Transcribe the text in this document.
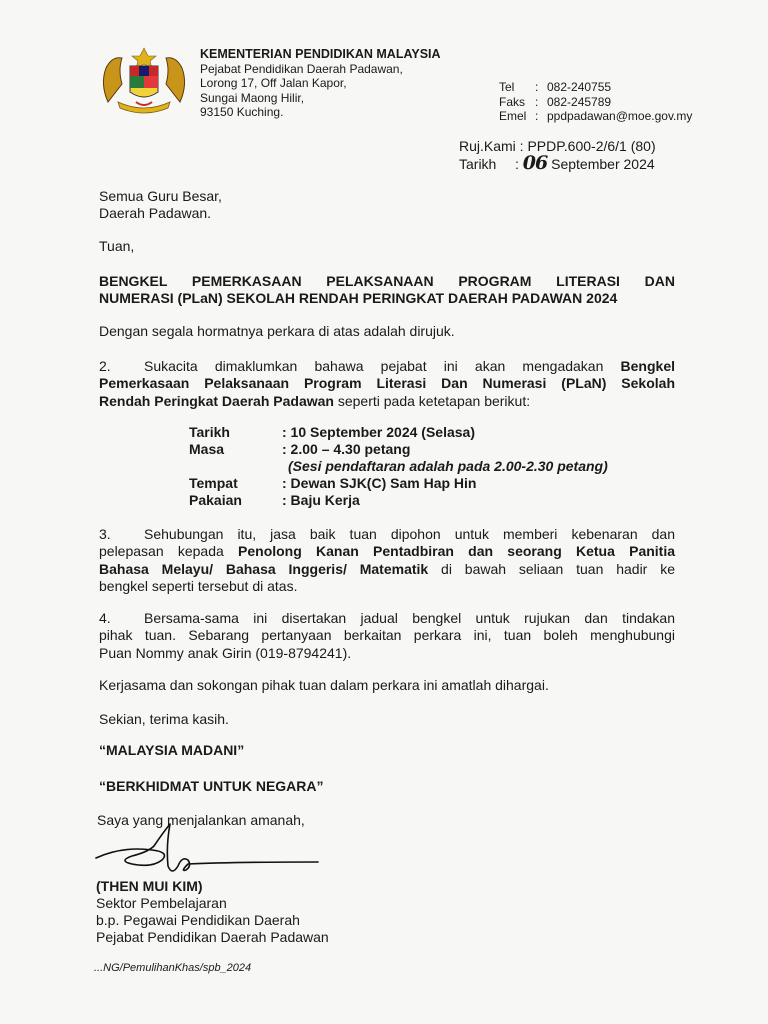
KEMENTERIAN PENDIDIKAN MALAYSIA
Pejabat Pendidikan Daerah Padawan,
Lorong 17, Off Jalan Kapor,
Sungai Maong Hilir,
93150 Kuching.
Tel : 082-240755
Faks : 082-245789
Emel : ppdpadawan@moe.gov.my
Ruj.Kami : PPDP.600-2/6/1 (80)
Tarikh : 06 September 2024
Semua Guru Besar,
Daerah Padawan.
Tuan,
BENGKEL PEMERKASAAN PELAKSANAAN PROGRAM LITERASI DAN
NUMERASI (PLaN) SEKOLAH RENDAH PERINGKAT DAERAH PADAWAN 2024
Dengan segala hormatnya perkara di atas adalah dirujuk.
2. Sukacita dimaklumkan bahawa pejabat ini akan mengadakan Bengkel
Pemerkasaan Pelaksanaan Program Literasi Dan Numerasi (PLaN) Sekolah
Rendah Peringkat Daerah Padawan seperti pada ketetapan berikut:
Tarikh	: 10 September 2024 (Selasa)
Masa	: 2.00 – 4.30 petang
	(Sesi pendaftaran adalah pada 2.00-2.30 petang)
Tempat	: Dewan SJK(C) Sam Hap Hin
Pakaian	: Baju Kerja
3. Sehubungan itu, jasa baik tuan dipohon untuk memberi kebenaran dan
pelepasan kepada Penolong Kanan Pentadbiran dan seorang Ketua Panitia
Bahasa Melayu/ Bahasa Inggeris/ Matematik di bawah seliaan tuan hadir ke
bengkel seperti tersebut di atas.
4. Bersama-sama ini disertakan jadual bengkel untuk rujukan dan tindakan
pihak tuan. Sebarang pertanyaan berkaitan perkara ini, tuan boleh menghubungi
Puan Nommy anak Girin (019-8794241).
Kerjasama dan sokongan pihak tuan dalam perkara ini amatlah dihargai.
Sekian, terima kasih.
“MALAYSIA MADANI”
“BERKHIDMAT UNTUK NEGARA”
Saya yang menjalankan amanah,
(THEN MUI KIM)
Sektor Pembelajaran
b.p. Pegawai Pendidikan Daerah
Pejabat Pendidikan Daerah Padawan
...NG/PemulihanKhas/spb_2024
